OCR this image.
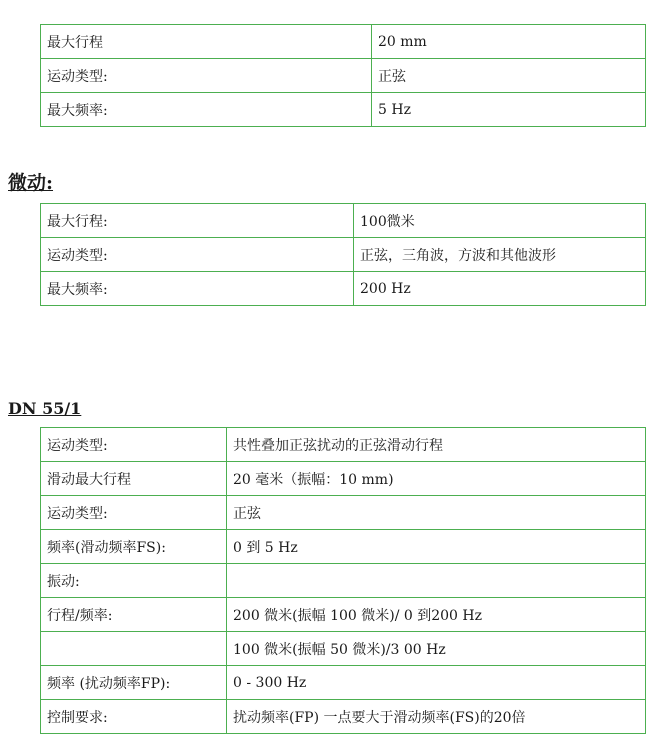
最大行程	20 mm
运动类型:	正弦
最大频率:	5 Hz
微动:
最大行程:	100微米
运动类型:	正弦，三角波，方波和其他波形
最大频率:	200 Hz
DN 55/1
运动类型:	共性叠加正弦扰动的正弦滑动行程
滑动最大行程	20 毫米（振幅：10 mm)
运动类型:	正弦
频率(滑动频率FS):	0 到 5 Hz
振动:	
行程/频率:	200 微米(振幅 100 微米)/ 0 到200 Hz
	100 微米(振幅 50 微米)/3 00 Hz
频率 (扰动频率FP):	0 - 300 Hz
控制要求:	扰动频率(FP) 一点要大于滑动频率(FS)的20倍
